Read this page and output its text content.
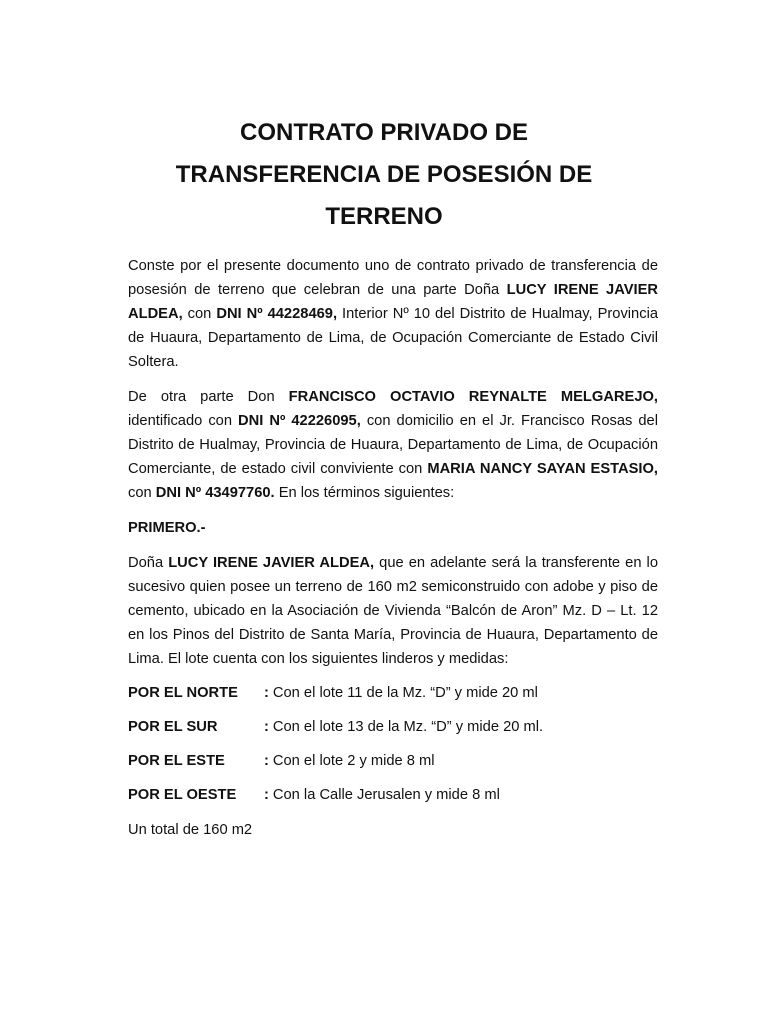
CONTRATO PRIVADO DE
TRANSFERENCIA DE POSESIÓN DE
TERRENO

Conste por el presente documento uno de contrato privado de transferencia de posesión de terreno que celebran de una parte Doña LUCY IRENE JAVIER ALDEA, con DNI Nº 44228469, Interior Nº 10 del Distrito de Hualmay, Provincia de Huaura, Departamento de Lima, de Ocupación Comerciante de Estado Civil Soltera.

De otra parte Don FRANCISCO OCTAVIO REYNALTE MELGAREJO, identificado con DNI Nº 42226095, con domicilio en el Jr. Francisco Rosas del Distrito de Hualmay, Provincia de Huaura, Departamento de Lima, de Ocupación Comerciante, de estado civil conviviente con MARIA NANCY SAYAN ESTASIO, con DNI Nº 43497760. En los términos siguientes:

PRIMERO.-

Doña LUCY IRENE JAVIER ALDEA, que en adelante será la transferente en lo sucesivo quien posee un terreno de 160 m2 semiconstruido con adobe y piso de cemento, ubicado en la Asociación de Vivienda “Balcón de Aron” Mz. D – Lt. 12 en los Pinos del Distrito de Santa María, Provincia de Huaura, Departamento de Lima. El lote cuenta con los siguientes linderos y medidas:

POR EL NORTE	: Con el lote 11 de la Mz. “D” y mide 20 ml
POR EL SUR	: Con el lote 13 de la Mz. “D” y mide 20 ml.
POR EL ESTE	: Con el lote 2 y mide 8 ml
POR EL OESTE	: Con la Calle Jerusalen y mide 8 ml

Un total de 160 m2
